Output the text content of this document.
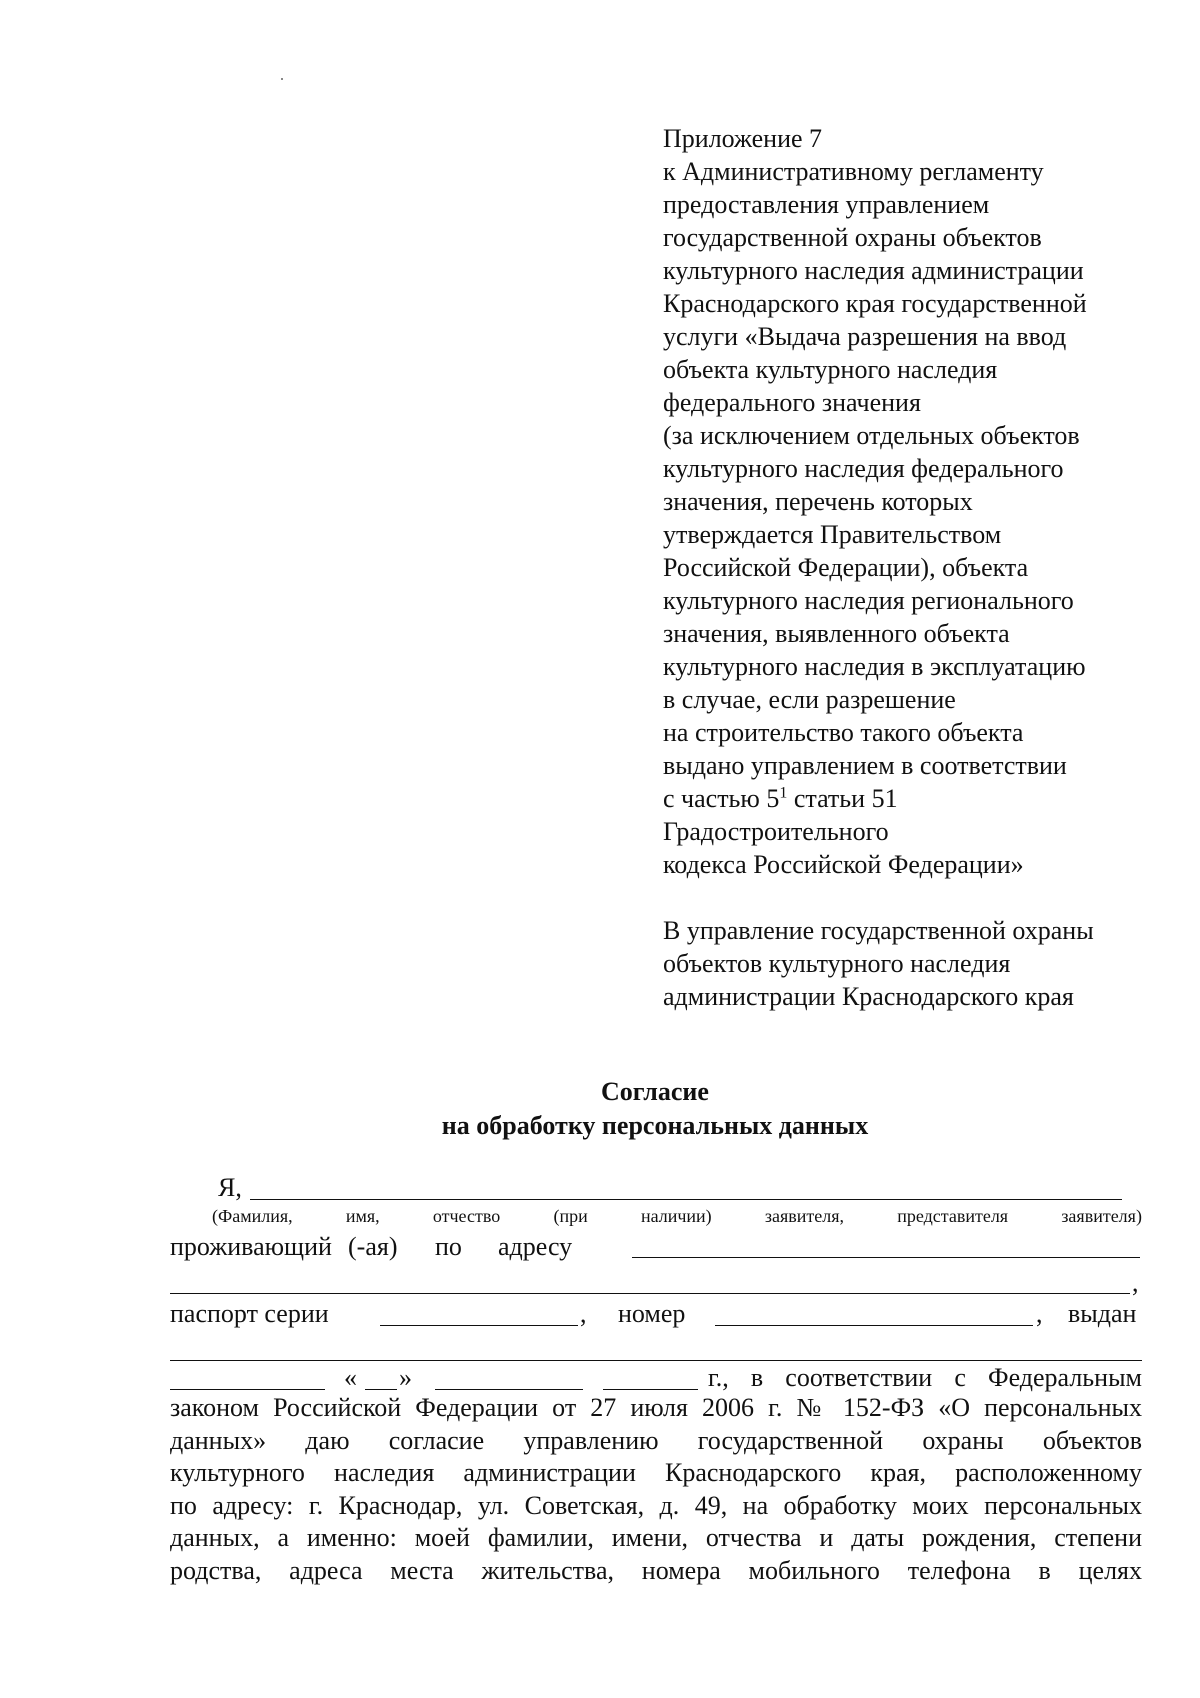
Приложение 7
к Административному регламенту
предоставления управлением
государственной охраны объектов
культурного наследия администрации
Краснодарского края государственной
услуги «Выдача разрешения на ввод
объекта культурного наследия
федерального значения
(за исключением отдельных объектов
культурного наследия федерального
значения, перечень которых
утверждается Правительством
Российской Федерации), объекта
культурного наследия регионального
значения, выявленного объекта
культурного наследия в эксплуатацию
в случае, если разрешение
на строительство такого объекта
выдано управлением в соответствии
с частью $5^1$ статьи 51
Градостроительного
кодекса Российской Федерации»
В управление государственной охраны
объектов культурного наследия
администрации Краснодарского края
Согласие
на обработку персональных данных
Я,
(Фамилия,	имя,	отчество	(при	наличии)	заявителя,	представителя	заявителя)
проживающий (-ая) по адресу
,
паспорт серии	, номер	, выдан
« »	г., в соответствии с Федеральным
законом Российской Федерации от 27 июля 2006 г. № 152-ФЗ «О персональных
данных» даю согласие управлению государственной охраны объектов
культурного наследия администрации Краснодарского края, расположенному
по адресу: г. Краснодар, ул. Советская, д. 49, на обработку моих персональных
данных, а именно: моей фамилии, имени, отчества и даты рождения, степени
родства, адреса места жительства, номера мобильного телефона в целях
